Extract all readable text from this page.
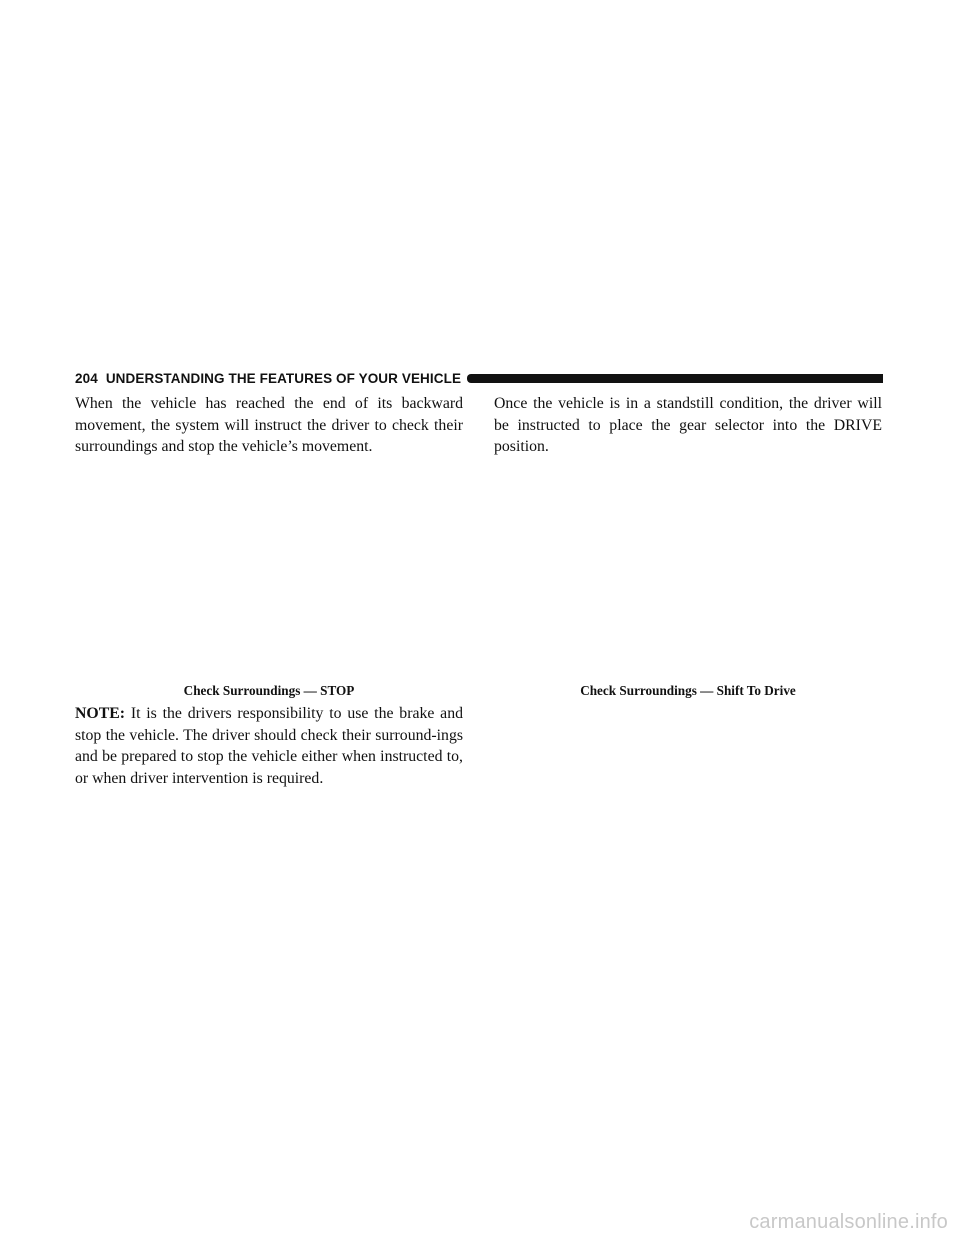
204 UNDERSTANDING THE FEATURES OF YOUR VEHICLE

When the vehicle has reached the end of its backward movement, the system will instruct the driver to check their surroundings and stop the vehicle’s movement.

Once the vehicle is in a standstill condition, the driver will be instructed to place the gear selector into the DRIVE position.

Check Surroundings — STOP	Check Surroundings — Shift To Drive

NOTE: It is the drivers responsibility to use the brake and stop the vehicle. The driver should check their surround-ings and be prepared to stop the vehicle either when instructed to, or when driver intervention is required.

carmanualsonline.info
